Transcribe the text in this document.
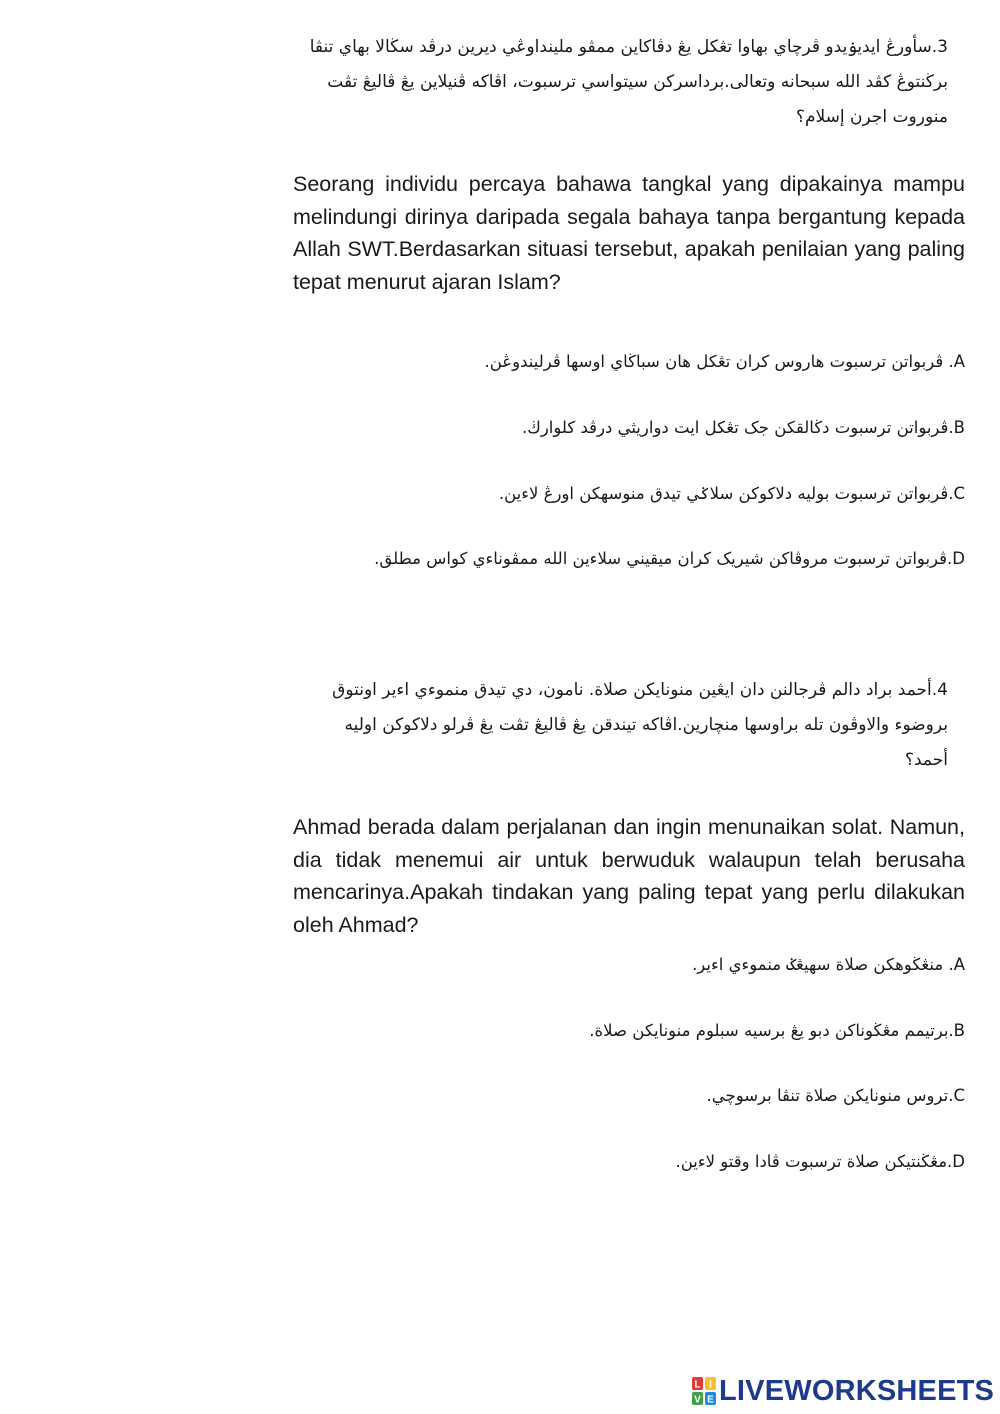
3.سأورڠ ايديۏيدو ڤرچاي بهاوا تڠكل يڠ دڤاكاين ممڤو ملينداوڠي ديرين درڤد سڬالا بهاي تنڤا برڬنتوڠ كڤد الله سبحانه وتعالى.برداسركن سيتواسي ترسبوت، اڤاكه ڤنيلاين يڠ ڤاليڠ تڤت منوروت اجرن إسلام؟
Seorang individu percaya bahawa tangkal yang dipakainya mampu melindungi dirinya daripada segala bahaya tanpa bergantung kepada Allah SWT.Berdasarkan situasi tersebut, apakah penilaian yang paling tepat menurut ajaran Islam?
A. ڤربواتن ترسبوت هاروس كران تڠكل هان سباڬاي اوسها ڤرليندوڠن.
B.ڤربواتن ترسبوت دڬالقكن جک تڠكل ايت دواريثي درڤد كلوارڬ.
C.ڤربواتن ترسبوت بوليه دلاكوكن سلاݢي تيدق منوسهكن اورڠ لاءين.
D.ڤربواتن ترسبوت مروڤاكن شيريک كران ميقيني سلاءين الله ممڤوناءي كواس مطلق.
4.أحمد براد دالم ڤرجالنن دان ايڠين منونايكن صلاة. نامون، دي تيدق منموءي اءير اونتوق بروضوء والاوڤون تله براوسها منچارين.اڤاكه تيندقن يڠ ڤاليڠ تڤت يڠ ڤرلو دلاكوكن اوليه أحمد؟
Ahmad berada dalam perjalanan dan ingin menunaikan solat. Namun, dia tidak menemui air untuk berwuduk walaupun telah berusaha mencarinya.Apakah tindakan yang paling tepat yang perlu dilakukan oleh Ahmad?
A. منڠڬوهكن صلاة سهيڠݢ منموءي اءير.
B.برتيمم مڠڬوناكن دبو يڠ برسيه سبلوم منونايكن صلاة.
C.تروس منونايكن صلاة تنڤا برسوچي.
D.مڠڬنتيكن صلاة ترسبوت ڤادا وقتو لاءين.
L I
V E LIVEWORKSHEETS
